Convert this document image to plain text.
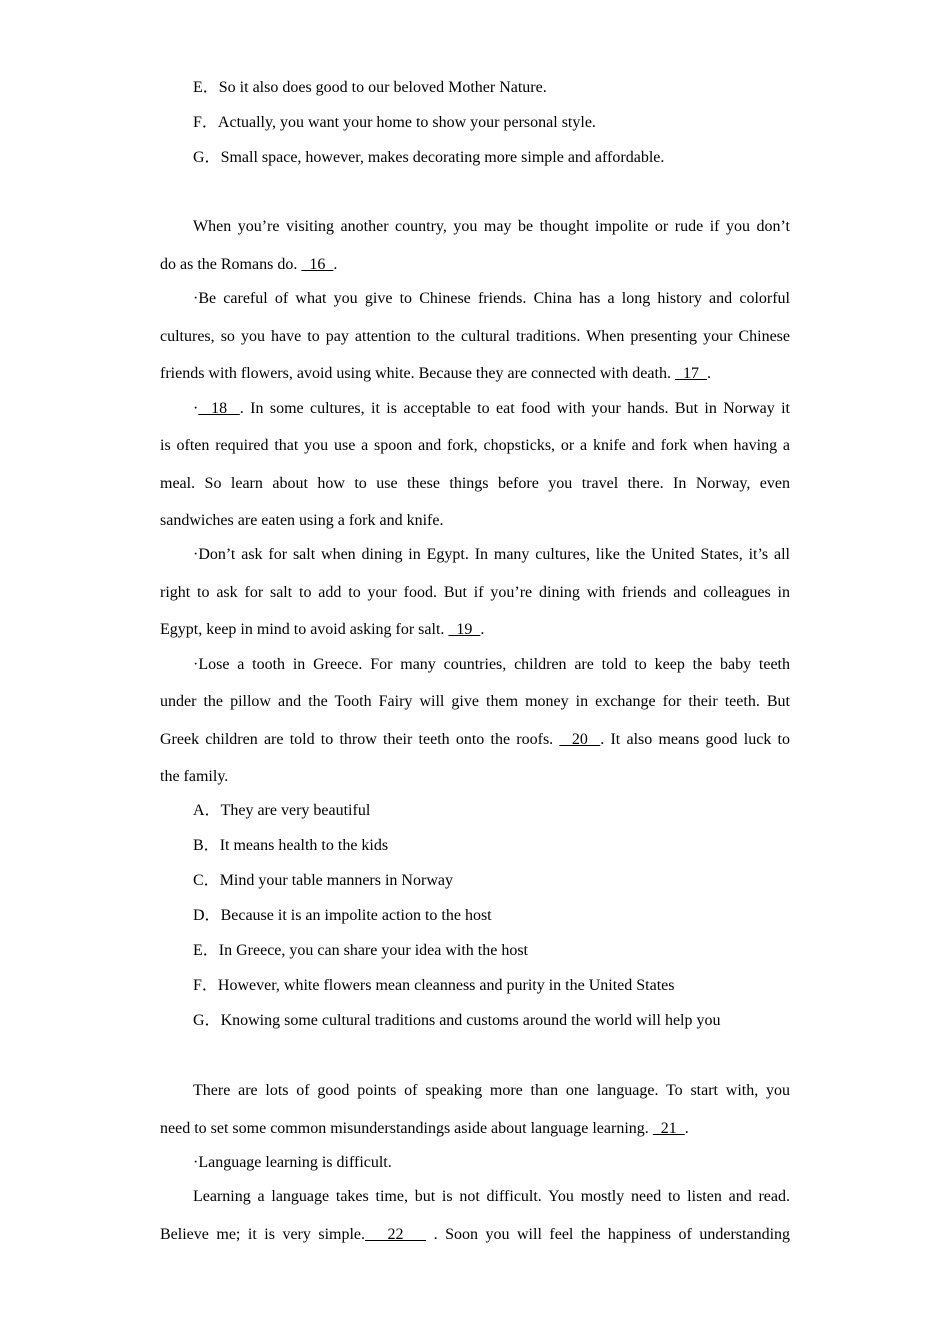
E．So it also does good to our beloved Mother Nature.
F．Actually, you want your home to show your personal style.
G．Small space, however, makes decorating more simple and affordable.
When you’re visiting another country, you may be thought impolite or rude if you don’t
do as the Romans do.   16  .
·Be careful of what you give to Chinese friends. China has a long history and colorful
cultures, so you have to pay attention to the cultural traditions. When presenting your Chinese
friends with flowers, avoid using white. Because they are connected with death.   17  .
·  18  . In some cultures, it is acceptable to eat food with your hands. But in Norway it
is often required that you use a spoon and fork, chopsticks, or a knife and fork when having a
meal. So learn about how to use these things before you travel there. In Norway, even
sandwiches are eaten using a fork and knife.
·Don’t ask for salt when dining in Egypt. In many cultures, like the United States, it’s all
right to ask for salt to add to your food. But if you’re dining with friends and colleagues in
Egypt, keep in mind to avoid asking for salt.   19  .
·Lose a tooth in Greece. For many countries, children are told to keep the baby teeth
under the pillow and the Tooth Fairy will give them money in exchange for their teeth. But
Greek children are told to throw their teeth onto the roofs.   20  . It also means good luck to
the family.
A．They are very beautiful
B．It means health to the kids
C．Mind your table manners in Norway
D．Because it is an impolite action to the host
E．In Greece, you can share your idea with the host
F．However, white flowers mean cleanness and purity in the United States
G．Knowing some cultural traditions and customs around the world will help you
There are lots of good points of speaking more than one language. To start with, you
need to set some common misunderstandings aside about language learning.   21  .
·Language learning is difficult.
Learning a language takes time, but is not difficult. You mostly need to listen and read.
Believe me; it is very simple.   22    . Soon you will feel the happiness of understanding
